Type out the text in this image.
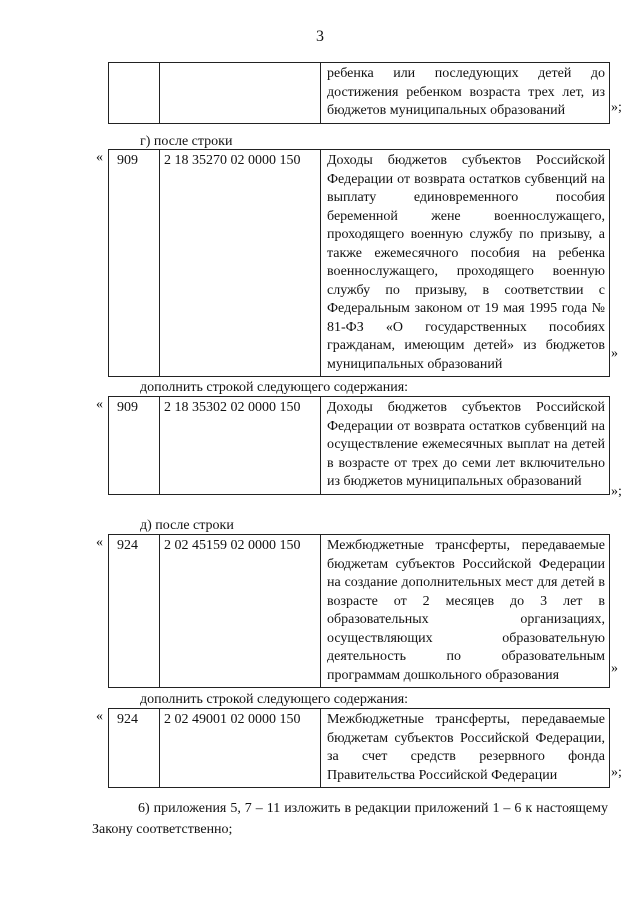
3
		ребенка или последующих детей до достижения ребенком возраста трех лет, из бюджетов муниципальных образований	»;
г) после строки
« 909	2 18 35270 02 0000 150	Доходы бюджетов субъектов Российской Федерации от возврата остатков субвенций на выплату единовременного пособия беременной жене военнослужащего, проходящего военную службу по призыву, а также ежемесячного пособия на ребенка военнослужащего, проходящего военную службу по призыву, в соответствии с Федеральным законом от 19 мая 1995 года № 81-ФЗ «О государственных пособиях гражданам, имеющим детей» из бюджетов муниципальных образований
»
дополнить строкой следующего содержания:
« 909	2 18 35302 02 0000 150	Доходы бюджетов субъектов Российской Федерации от возврата остатков субвенций на осуществление ежемесячных выплат на детей в возрасте от трех до семи лет включительно из бюджетов муниципальных образований
»;
д) после строки
« 924	2 02 45159 02 0000 150	Межбюджетные трансферты, передаваемые бюджетам субъектов Российской Федерации на создание дополнительных мест для детей в возрасте от 2 месяцев до 3 лет в образовательных организациях, осуществляющих образовательную деятельность по образовательным программам дошкольного образования	»
дополнить строкой следующего содержания:
« 924	2 02 49001 02 0000 150	Межбюджетные трансферты, передаваемые бюджетам субъектов Российской Федерации, за счет средств резервного фонда Правительства Российской Федерации	»;
6) приложения 5, 7 – 11 изложить в редакции приложений 1 – 6 к настоящему Закону соответственно;
